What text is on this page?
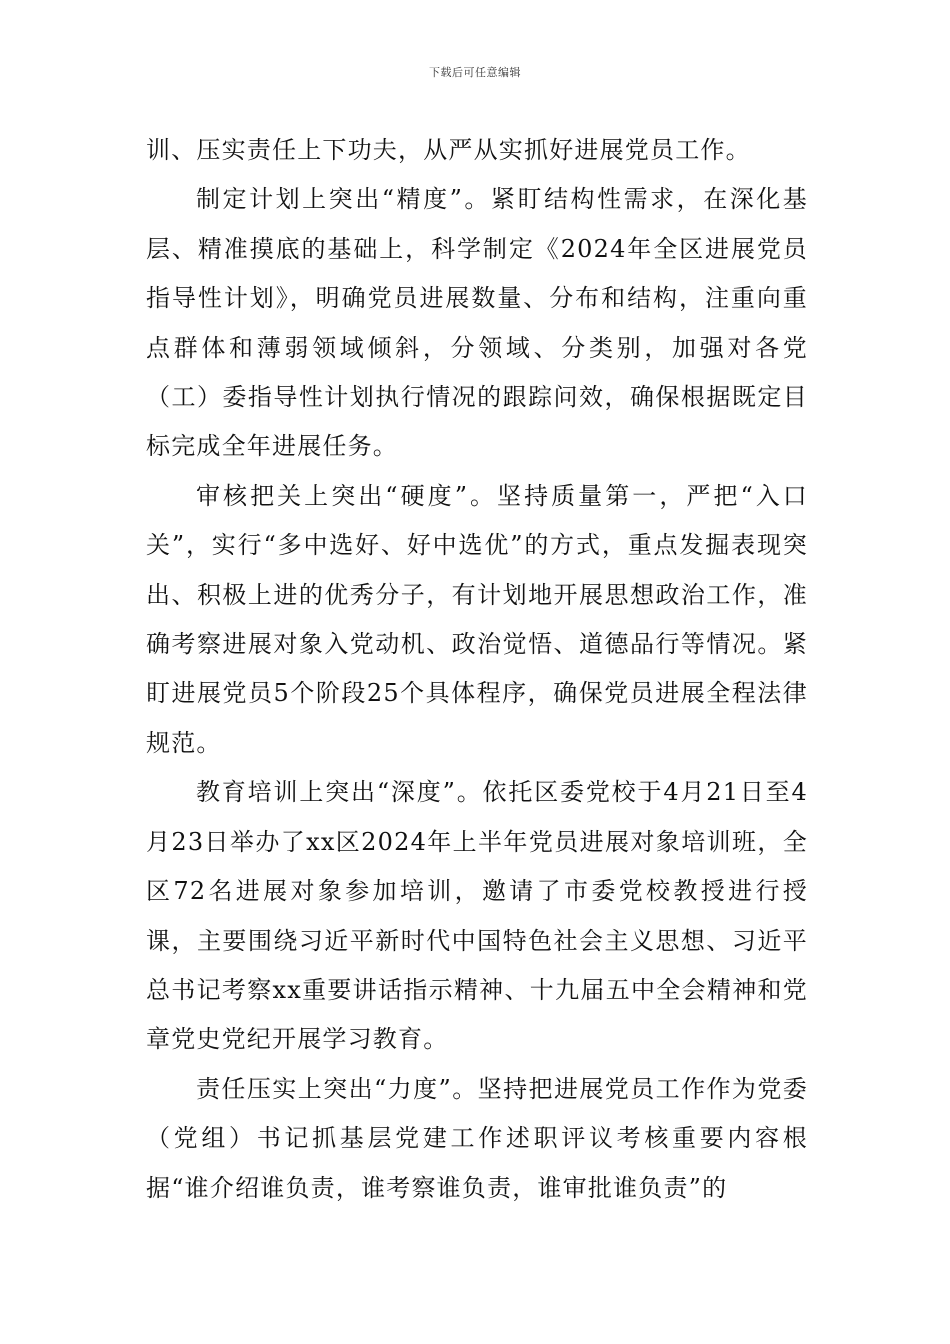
下载后可任意编辑

训、压实责任上下功夫，从严从实抓好进展党员工作。

制定计划上突出“精度”。紧盯结构性需求，在深化基层、精准摸底的基础上，科学制定《2024年全区进展党员指导性计划》，明确党员进展数量、分布和结构，注重向重点群体和薄弱领域倾斜，分领域、分类别，加强对各党（工）委指导性计划执行情况的跟踪问效，确保根据既定目标完成全年进展任务。

审核把关上突出“硬度”。坚持质量第一，严把“入口关”，实行“多中选好、好中选优”的方式，重点发掘表现突出、积极上进的优秀分子，有计划地开展思想政治工作，准确考察进展对象入党动机、政治觉悟、道德品行等情况。紧盯进展党员5个阶段25个具体程序，确保党员进展全程法律规范。

教育培训上突出“深度”。依托区委党校于4月21日至4月23日举办了xx区2024年上半年党员进展对象培训班，全区72名进展对象参加培训，邀请了市委党校教授进行授课，主要围绕习近平新时代中国特色社会主义思想、习近平总书记考察xx重要讲话指示精神、十九届五中全会精神和党章党史党纪开展学习教育。

责任压实上突出“力度”。坚持把进展党员工作作为党委（党组）书记抓基层党建工作述职评议考核重要内容根据“谁介绍谁负责，谁考察谁负责，谁审批谁负责”的
